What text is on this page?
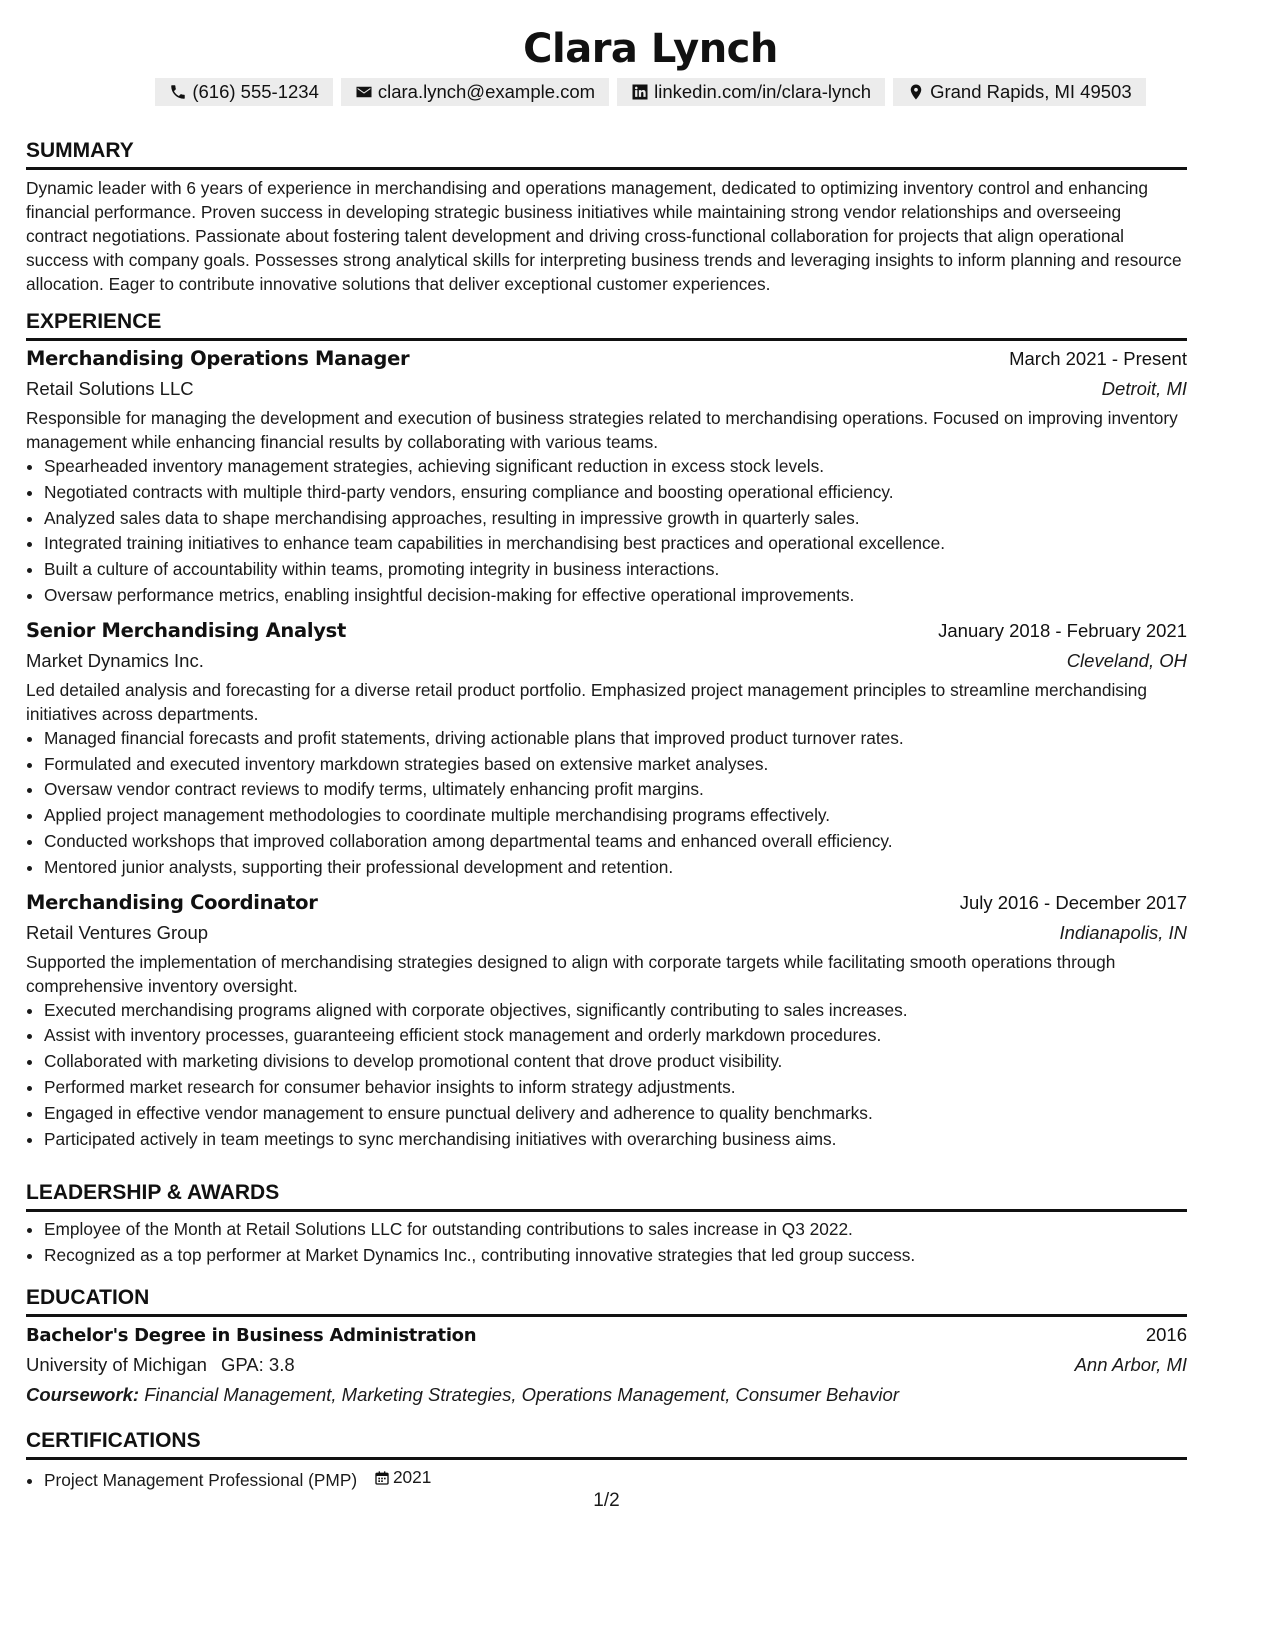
Clara Lynch
(616) 555-1234	clara.lynch@example.com	linkedin.com/in/clara-lynch	Grand Rapids, MI 49503
SUMMARY

Dynamic leader with 6 years of experience in merchandising and operations management, dedicated to optimizing inventory control and enhancing financial performance. Proven success in developing strategic business initiatives while maintaining strong vendor relationships and overseeing contract negotiations. Passionate about fostering talent development and driving cross-functional collaboration for projects that align operational success with company goals. Possesses strong analytical skills for interpreting business trends and leveraging insights to inform planning and resource allocation. Eager to contribute innovative solutions that deliver exceptional customer experiences.

EXPERIENCE
Merchandising Operations Manager	March 2021 - Present
Retail Solutions LLC	Detroit, MI

Responsible for managing the development and execution of business strategies related to merchandising operations. Focused on improving inventory management while enhancing financial results by collaborating with various teams.

• Spearheaded inventory management strategies, achieving significant reduction in excess stock levels.
• Negotiated contracts with multiple third-party vendors, ensuring compliance and boosting operational efficiency.
• Analyzed sales data to shape merchandising approaches, resulting in impressive growth in quarterly sales.
• Integrated training initiatives to enhance team capabilities in merchandising best practices and operational excellence.
• Built a culture of accountability within teams, promoting integrity in business interactions.
• Oversaw performance metrics, enabling insightful decision-making for effective operational improvements.
Senior Merchandising Analyst	January 2018 - February 2021
Market Dynamics Inc.	Cleveland, OH

Led detailed analysis and forecasting for a diverse retail product portfolio. Emphasized project management principles to streamline merchandising initiatives across departments.

• Managed financial forecasts and profit statements, driving actionable plans that improved product turnover rates.
• Formulated and executed inventory markdown strategies based on extensive market analyses.
• Oversaw vendor contract reviews to modify terms, ultimately enhancing profit margins.
• Applied project management methodologies to coordinate multiple merchandising programs effectively.
• Conducted workshops that improved collaboration among departmental teams and enhanced overall efficiency.
• Mentored junior analysts, supporting their professional development and retention.
Merchandising Coordinator	July 2016 - December 2017
Retail Ventures Group	Indianapolis, IN

Supported the implementation of merchandising strategies designed to align with corporate targets while facilitating smooth operations through comprehensive inventory oversight.

• Executed merchandising programs aligned with corporate objectives, significantly contributing to sales increases.
• Assist with inventory processes, guaranteeing efficient stock management and orderly markdown procedures.
• Collaborated with marketing divisions to develop promotional content that drove product visibility.
• Performed market research for consumer behavior insights to inform strategy adjustments.
• Engaged in effective vendor management to ensure punctual delivery and adherence to quality benchmarks.
• Participated actively in team meetings to sync merchandising initiatives with overarching business aims.
LEADERSHIP & AWARDS
• Employee of the Month at Retail Solutions LLC for outstanding contributions to sales increase in Q3 2022.
• Recognized as a top performer at Market Dynamics Inc., contributing innovative strategies that led group success.
EDUCATION
Bachelor's Degree in Business Administration	2016
University of Michigan GPA: 3.8	Ann Arbor, MI
Coursework: Financial Management, Marketing Strategies, Operations Management, Consumer Behavior
CERTIFICATIONS
• Project Management Professional (PMP) 2021
1/2
